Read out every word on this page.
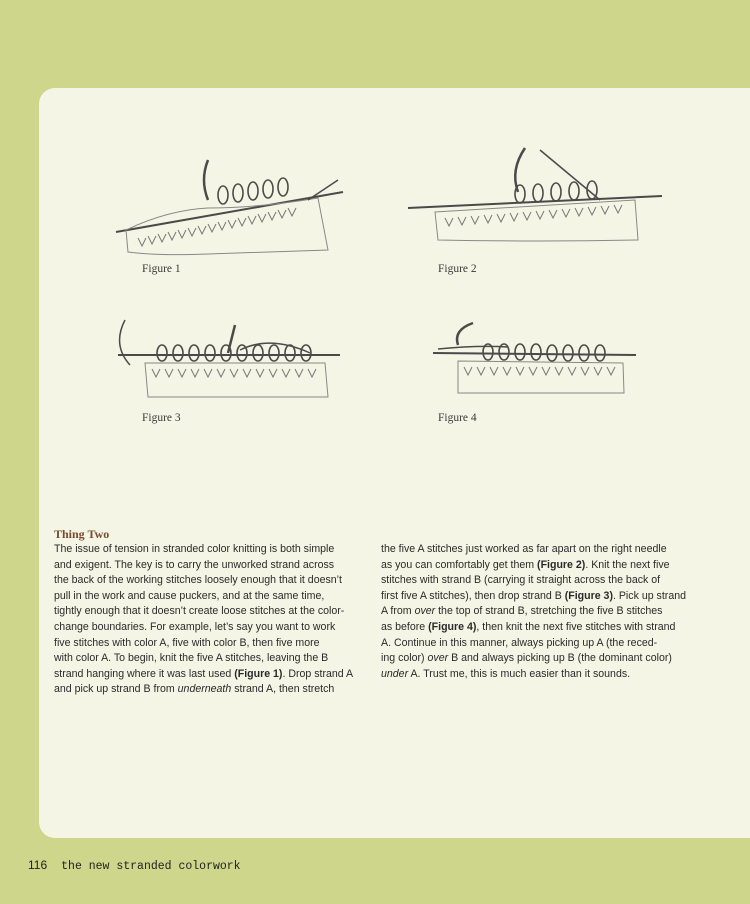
Figure 1	Figure 2
Figure 3	Figure 4
Thing Two
The issue of tension in stranded color knitting is both simple
and exigent. The key is to carry the unworked strand across
the back of the working stitches loosely enough that it doesn’t
pull in the work and cause puckers, and at the same time,
tightly enough that it doesn’t create loose stitches at the color-
change boundaries. For example, let’s say you want to work
five stitches with color A, five with color B, then five more
with color A. To begin, knit the five A stitches, leaving the B
strand hanging where it was last used (Figure 1). Drop strand A
and pick up strand B from underneath strand A, then stretch
the five A stitches just worked as far apart on the right needle
as you can comfortably get them (Figure 2). Knit the next five
stitches with strand B (carrying it straight across the back of
first five A stitches), then drop strand B (Figure 3). Pick up strand
A from over the top of strand B, stretching the five B stitches
as before (Figure 4), then knit the next five stitches with strand
A. Continue in this manner, always picking up A (the reced-
ing color) over B and always picking up B (the dominant color)
under A. Trust me, this is much easier than it sounds.
116 the new stranded colorwork
